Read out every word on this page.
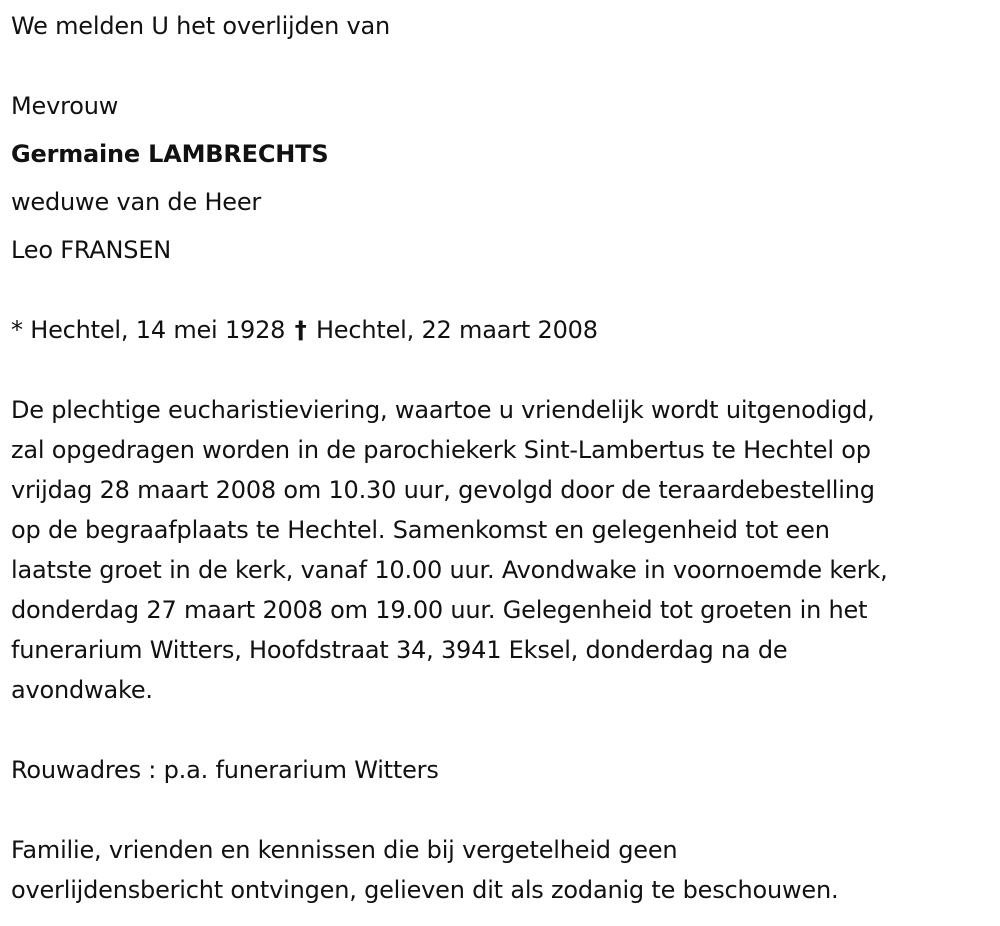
We melden U het overlijden van
Mevrouw
Germaine LAMBRECHTS
weduwe van de Heer
Leo FRANSEN
* Hechtel, 14 mei 1928 † Hechtel, 22 maart 2008
De plechtige eucharistieviering, waartoe u vriendelijk wordt uitgenodigd,
zal opgedragen worden in de parochiekerk Sint-Lambertus te Hechtel op
vrijdag 28 maart 2008 om 10.30 uur, gevolgd door de teraardebestelling
op de begraafplaats te Hechtel. Samenkomst en gelegenheid tot een
laatste groet in de kerk, vanaf 10.00 uur. Avondwake in voornoemde kerk,
donderdag 27 maart 2008 om 19.00 uur. Gelegenheid tot groeten in het
funerarium Witters, Hoofdstraat 34, 3941 Eksel, donderdag na de
avondwake.
Rouwadres : p.a. funerarium Witters
Familie, vrienden en kennissen die bij vergetelheid geen
overlijdensbericht ontvingen, gelieven dit als zodanig te beschouwen.
